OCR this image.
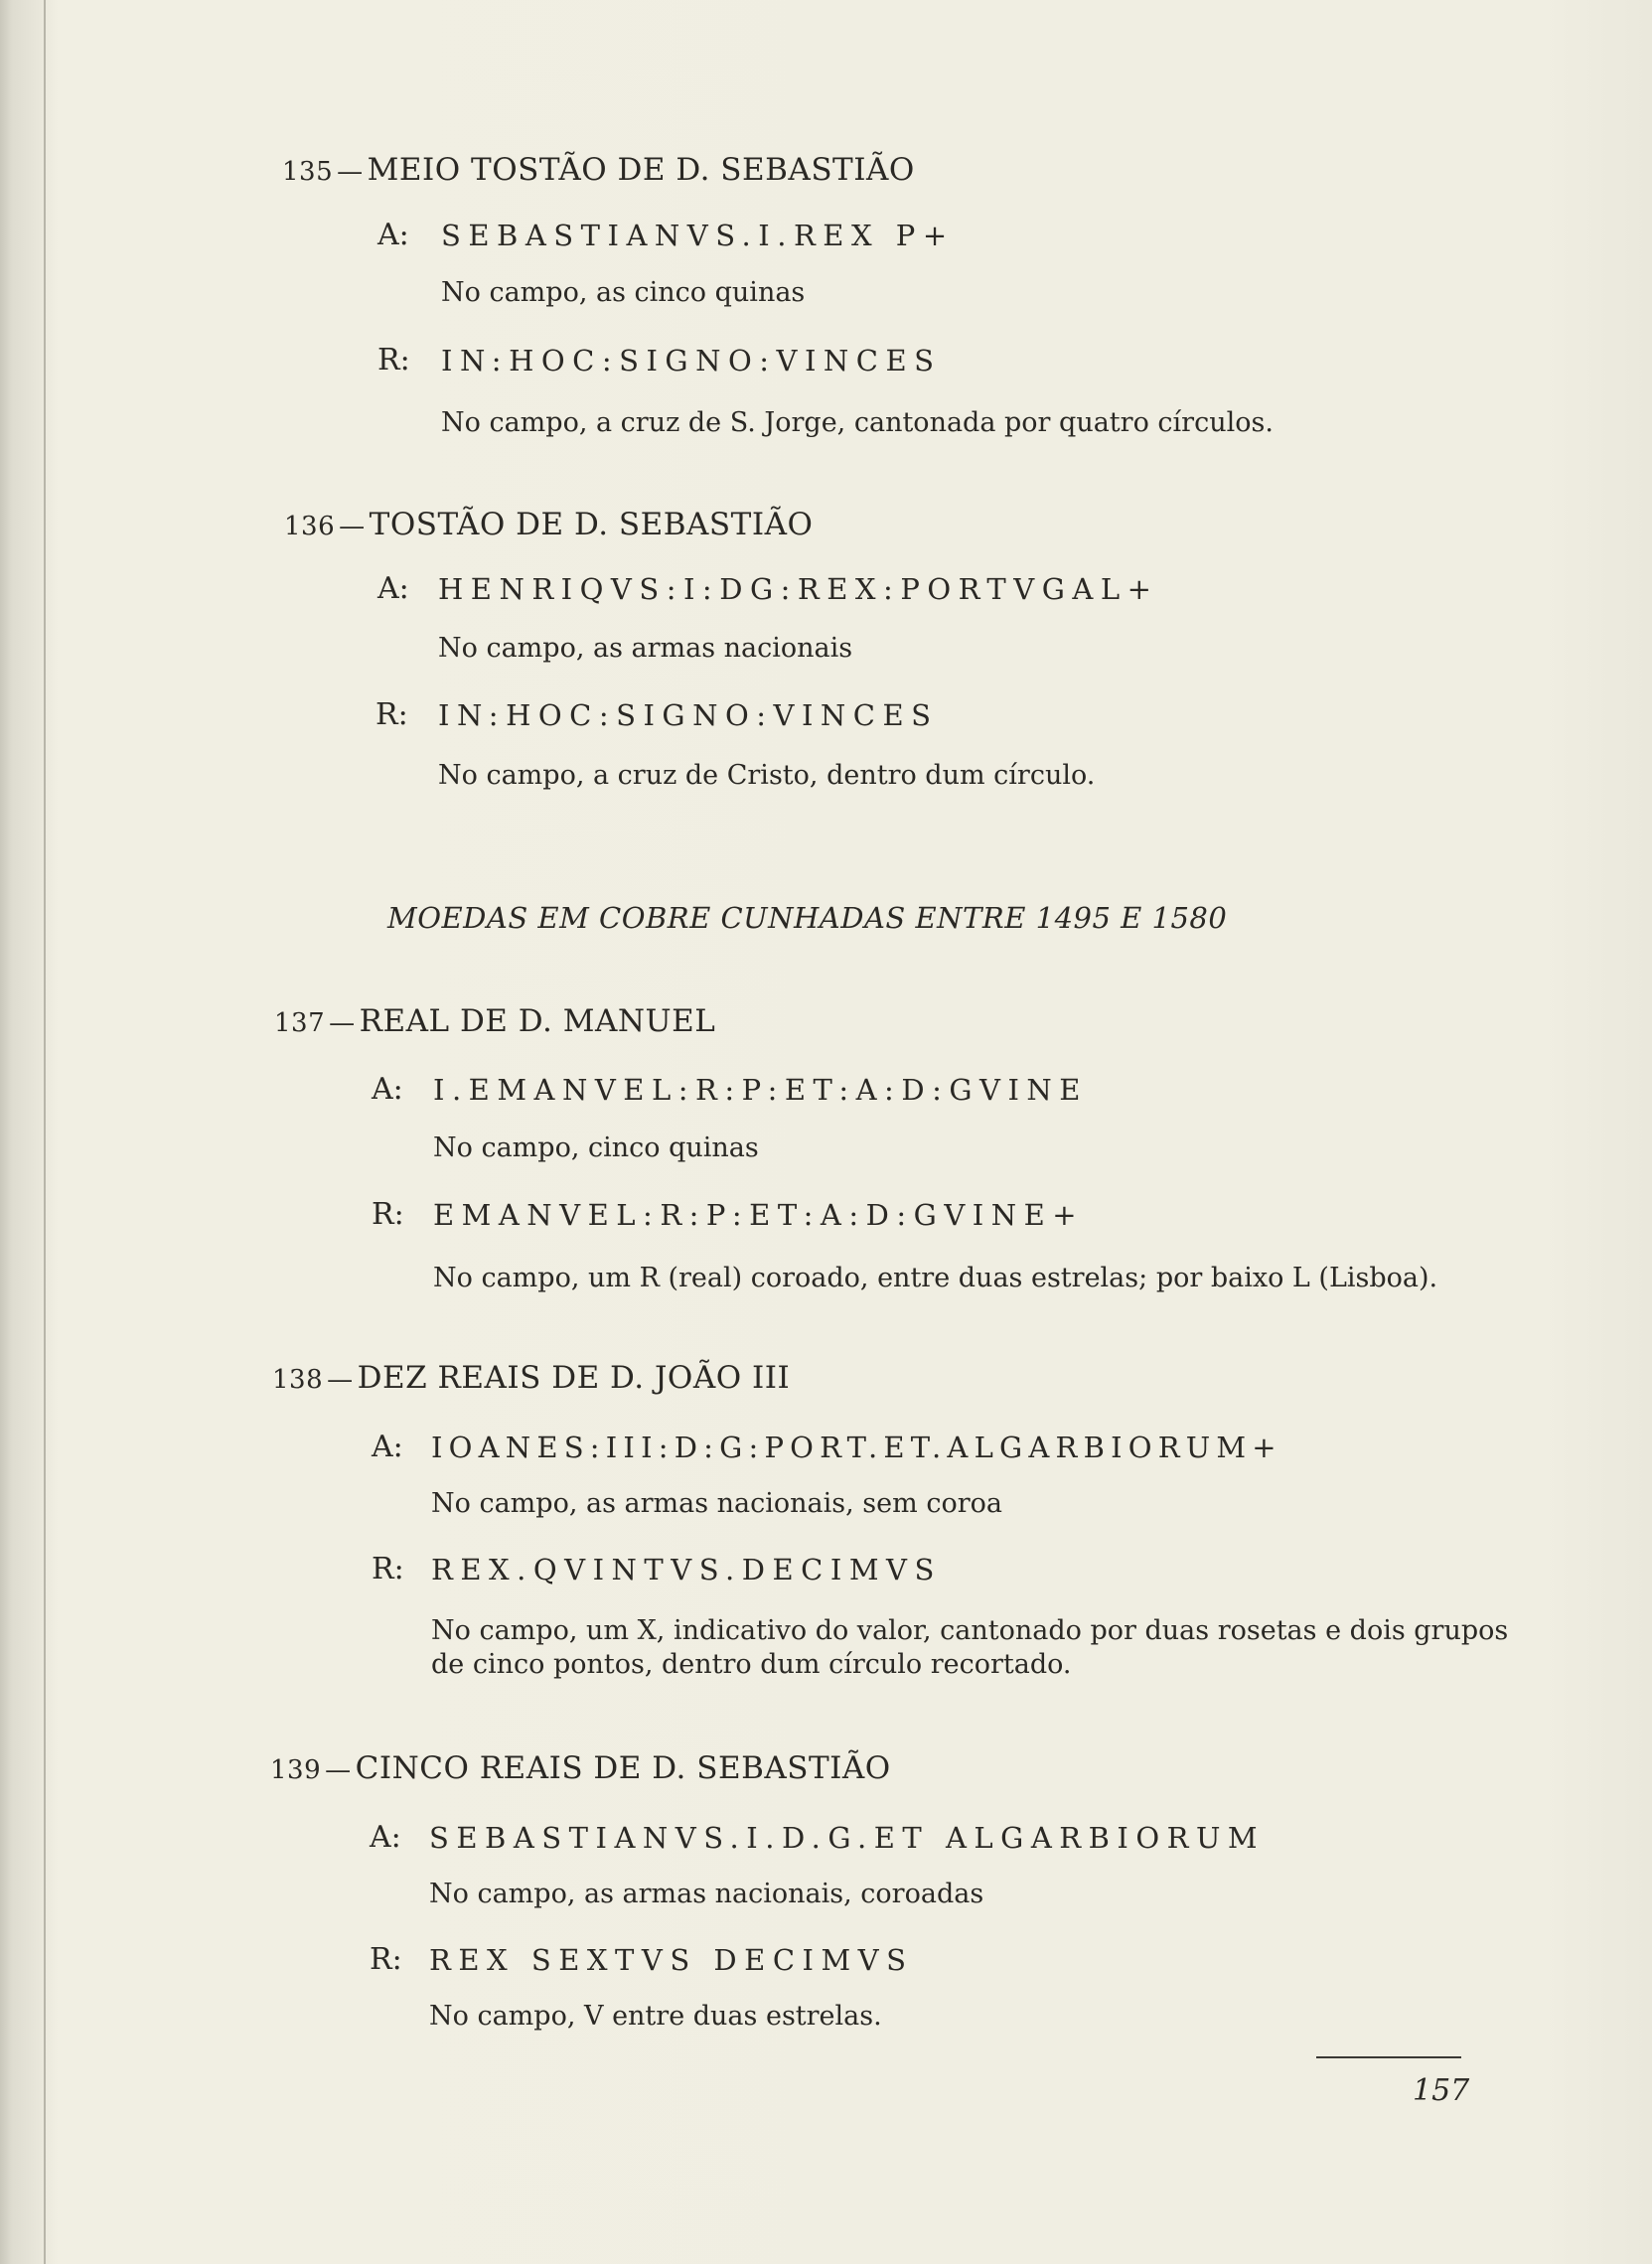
135 — MEIO TOSTÃO DE D. SEBASTIÃO
A: SEBASTIANVS.I.REX P+
No campo, as cinco quinas
R: IN:HOC:SIGNO:VINCES
No campo, a cruz de S. Jorge, cantonada por quatro círculos.
136 — TOSTÃO DE D. SEBASTIÃO
A: HENRIQVS:I:DG:REX:PORTVGAL+
No campo, as armas nacionais
R: IN:HOC:SIGNO:VINCES
No campo, a cruz de Cristo, dentro dum círculo.
MOEDAS EM COBRE CUNHADAS ENTRE 1495 E 1580
137 — REAL DE D. MANUEL
A: I.EMANVEL:R:P:ET:A:D:GVINE
No campo, cinco quinas
R: EMANVEL:R:P:ET:A:D:GVINE+
No campo, um R (real) coroado, entre duas estrelas; por baixo L (Lisboa).
138 — DEZ REAIS DE D. JOÃO III
A: IOANES:III:D:G:PORT.ET.ALGARBIORUM+
No campo, as armas nacionais, sem coroa
R: REX.QVINTVS.DECIMVS
No campo, um X, indicativo do valor, cantonado por duas rosetas e dois grupos
de cinco pontos, dentro dum círculo recortado.
139 — CINCO REAIS DE D. SEBASTIÃO
A: SEBASTIANVS.I.D.G.ET ALGARBIORUM
No campo, as armas nacionais, coroadas
R: REX SEXTVS DECIMVS
No campo, V entre duas estrelas.
157
